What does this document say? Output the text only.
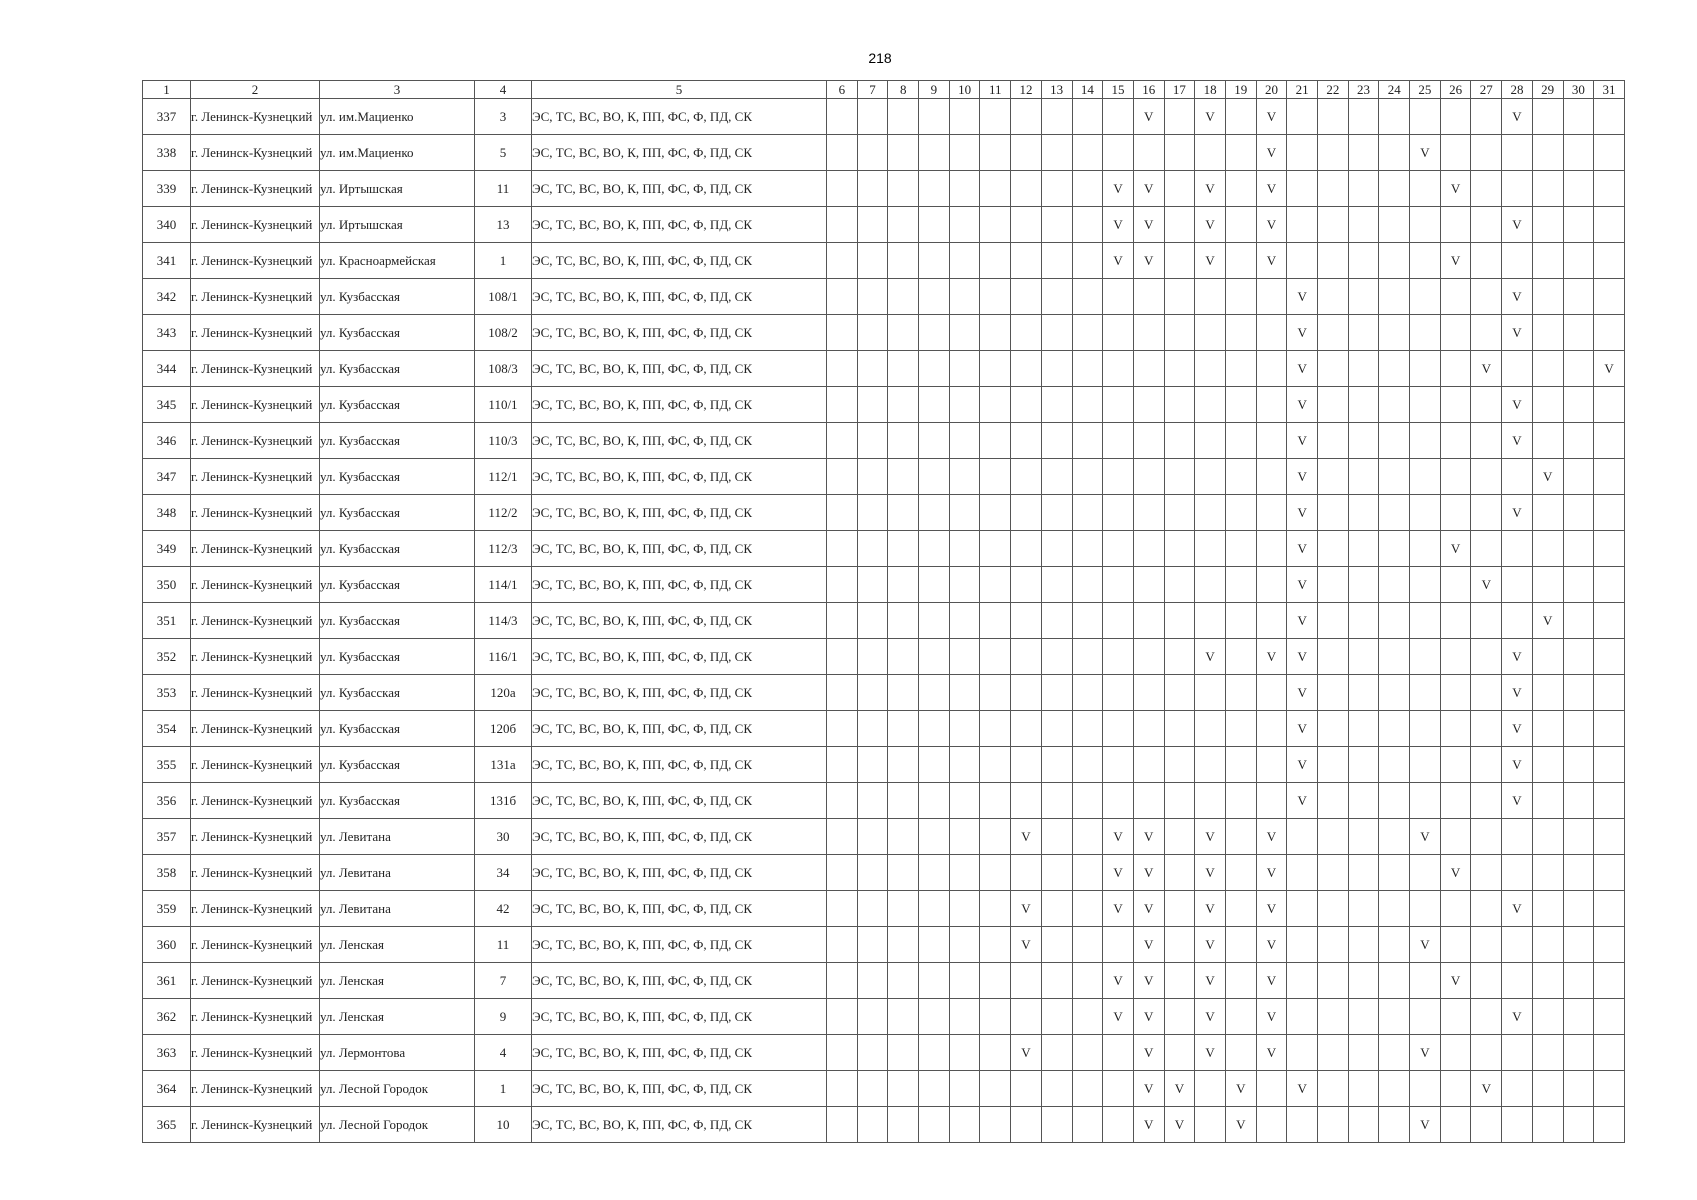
218
1	2	3	4	5	6	7	8	9	10	11	12	13	14	15	16	17	18	19	20	21	22	23	24	25	26	27	28	29	30	31
337	г. Ленинск-Кузнецкий	ул. им.Мациенко	3	ЭС, ТС, ВС, ВО, К, ПП, ФС, Ф, ПД, СК											V		V		V								V			
338	г. Ленинск-Кузнецкий	ул. им.Мациенко	5	ЭС, ТС, ВС, ВО, К, ПП, ФС, Ф, ПД, СК															V					V						
339	г. Ленинск-Кузнецкий	ул. Иртышская	11	ЭС, ТС, ВС, ВО, К, ПП, ФС, Ф, ПД, СК										V	V		V		V						V					
340	г. Ленинск-Кузнецкий	ул. Иртышская	13	ЭС, ТС, ВС, ВО, К, ПП, ФС, Ф, ПД, СК										V	V		V		V								V			
341	г. Ленинск-Кузнецкий	ул. Красноармейская	1	ЭС, ТС, ВС, ВО, К, ПП, ФС, Ф, ПД, СК										V	V		V		V						V					
342	г. Ленинск-Кузнецкий	ул. Кузбасская	108/1	ЭС, ТС, ВС, ВО, К, ПП, ФС, Ф, ПД, СК																V							V			
343	г. Ленинск-Кузнецкий	ул. Кузбасская	108/2	ЭС, ТС, ВС, ВО, К, ПП, ФС, Ф, ПД, СК																V							V			
344	г. Ленинск-Кузнецкий	ул. Кузбасская	108/3	ЭС, ТС, ВС, ВО, К, ПП, ФС, Ф, ПД, СК																V						V				V
345	г. Ленинск-Кузнецкий	ул. Кузбасская	110/1	ЭС, ТС, ВС, ВО, К, ПП, ФС, Ф, ПД, СК																V							V			
346	г. Ленинск-Кузнецкий	ул. Кузбасская	110/3	ЭС, ТС, ВС, ВО, К, ПП, ФС, Ф, ПД, СК																V							V			
347	г. Ленинск-Кузнецкий	ул. Кузбасская	112/1	ЭС, ТС, ВС, ВО, К, ПП, ФС, Ф, ПД, СК																V								V		
348	г. Ленинск-Кузнецкий	ул. Кузбасская	112/2	ЭС, ТС, ВС, ВО, К, ПП, ФС, Ф, ПД, СК																V							V			
349	г. Ленинск-Кузнецкий	ул. Кузбасская	112/3	ЭС, ТС, ВС, ВО, К, ПП, ФС, Ф, ПД, СК																V					V					
350	г. Ленинск-Кузнецкий	ул. Кузбасская	114/1	ЭС, ТС, ВС, ВО, К, ПП, ФС, Ф, ПД, СК																V						V				
351	г. Ленинск-Кузнецкий	ул. Кузбасская	114/3	ЭС, ТС, ВС, ВО, К, ПП, ФС, Ф, ПД, СК																V								V		
352	г. Ленинск-Кузнецкий	ул. Кузбасская	116/1	ЭС, ТС, ВС, ВО, К, ПП, ФС, Ф, ПД, СК													V		V	V							V			
353	г. Ленинск-Кузнецкий	ул. Кузбасская	120а	ЭС, ТС, ВС, ВО, К, ПП, ФС, Ф, ПД, СК																V							V			
354	г. Ленинск-Кузнецкий	ул. Кузбасская	120б	ЭС, ТС, ВС, ВО, К, ПП, ФС, Ф, ПД, СК																V							V			
355	г. Ленинск-Кузнецкий	ул. Кузбасская	131а	ЭС, ТС, ВС, ВО, К, ПП, ФС, Ф, ПД, СК																V							V			
356	г. Ленинск-Кузнецкий	ул. Кузбасская	131б	ЭС, ТС, ВС, ВО, К, ПП, ФС, Ф, ПД, СК																V							V			
357	г. Ленинск-Кузнецкий	ул. Левитана	30	ЭС, ТС, ВС, ВО, К, ПП, ФС, Ф, ПД, СК							V			V	V		V		V					V						
358	г. Ленинск-Кузнецкий	ул. Левитана	34	ЭС, ТС, ВС, ВО, К, ПП, ФС, Ф, ПД, СК										V	V		V		V						V					
359	г. Ленинск-Кузнецкий	ул. Левитана	42	ЭС, ТС, ВС, ВО, К, ПП, ФС, Ф, ПД, СК							V			V	V		V		V								V			
360	г. Ленинск-Кузнецкий	ул. Ленская	11	ЭС, ТС, ВС, ВО, К, ПП, ФС, Ф, ПД, СК							V				V		V		V					V						
361	г. Ленинск-Кузнецкий	ул. Ленская	7	ЭС, ТС, ВС, ВО, К, ПП, ФС, Ф, ПД, СК										V	V		V		V						V					
362	г. Ленинск-Кузнецкий	ул. Ленская	9	ЭС, ТС, ВС, ВО, К, ПП, ФС, Ф, ПД, СК										V	V		V		V								V			
363	г. Ленинск-Кузнецкий	ул. Лермонтова	4	ЭС, ТС, ВС, ВО, К, ПП, ФС, Ф, ПД, СК							V				V		V		V					V						
364	г. Ленинск-Кузнецкий	ул. Лесной Городок	1	ЭС, ТС, ВС, ВО, К, ПП, ФС, Ф, ПД, СК											V	V		V		V						V				
365	г. Ленинск-Кузнецкий	ул. Лесной Городок	10	ЭС, ТС, ВС, ВО, К, ПП, ФС, Ф, ПД, СК											V	V		V						V						
